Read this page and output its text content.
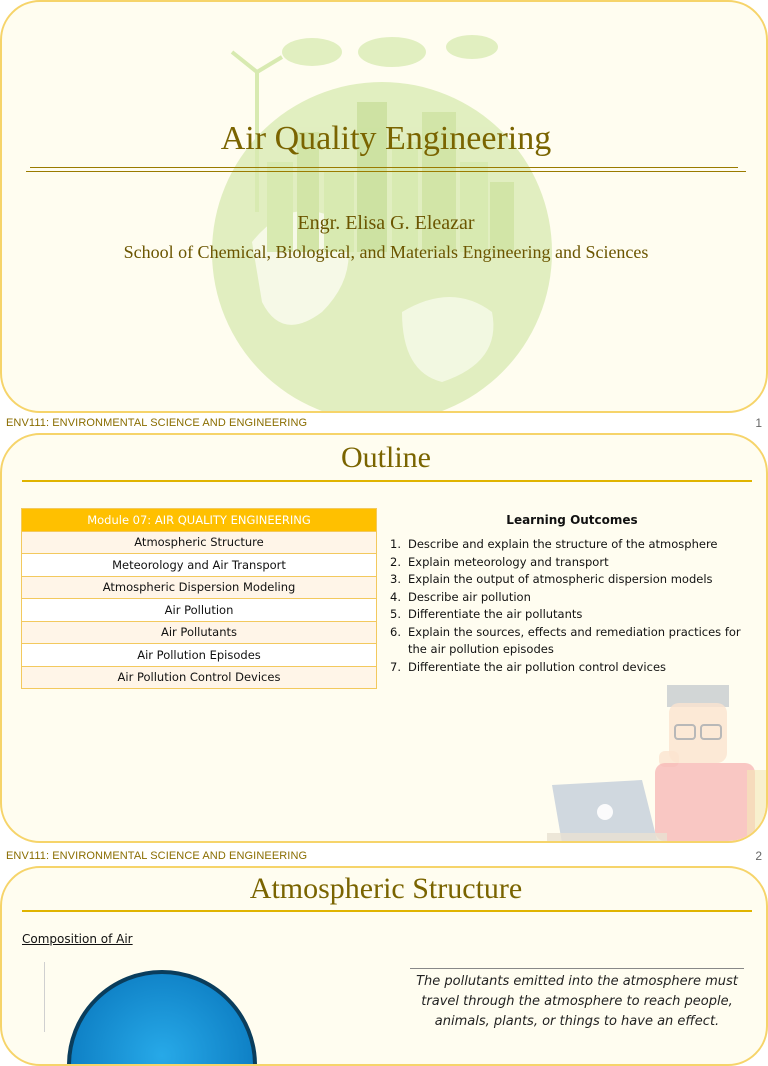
Air Quality Engineering
Engr. Elisa G. Eleazar
School of Chemical, Biological, and Materials Engineering and Sciences
ENV111: ENVIRONMENTAL SCIENCE AND ENGINEERING	1
Outline
Module 07: AIR QUALITY ENGINEERING
Atmospheric Structure
Meteorology and Air Transport
Atmospheric Dispersion Modeling
Air Pollution
Air Pollutants
Air Pollution Episodes
Air Pollution Control Devices
Learning Outcomes
1. Describe and explain the structure of the atmosphere
2. Explain meteorology and transport
3. Explain the output of atmospheric dispersion models
4. Describe air pollution
5. Differentiate the air pollutants
6. Explain the sources, effects and remediation practices for the air pollution episodes
7. Differentiate the air pollution control devices
ENV111: ENVIRONMENTAL SCIENCE AND ENGINEERING	2
Atmospheric Structure
Composition of Air
The pollutants emitted into the atmosphere must travel through the atmosphere to reach people, animals, plants, or things to have an effect.
